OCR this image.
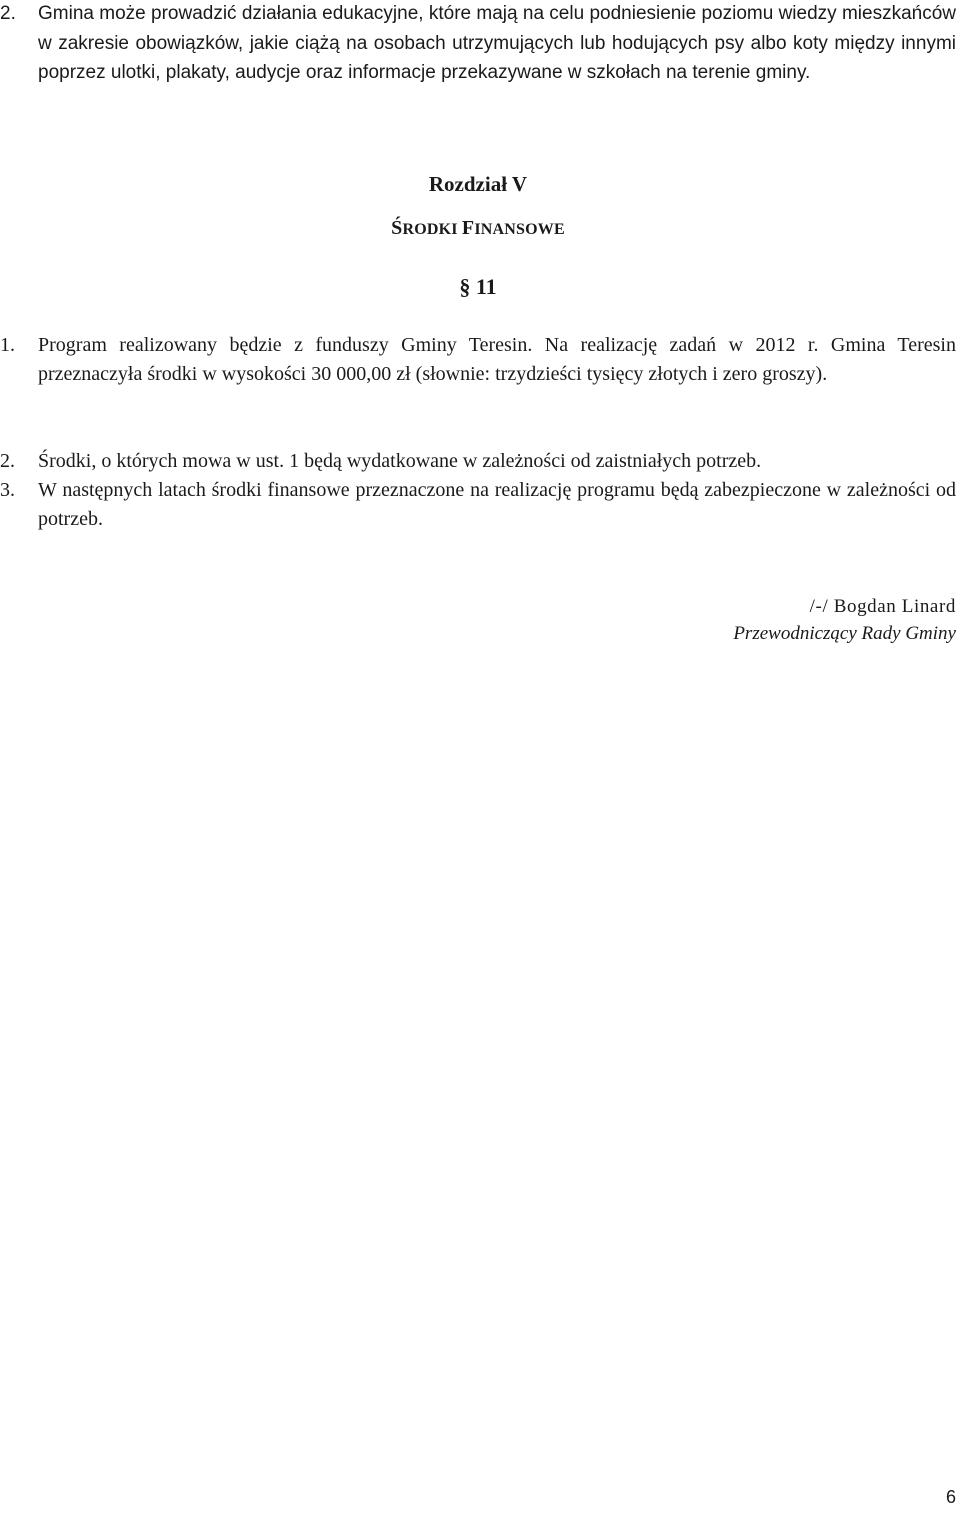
2. Gmina może prowadzić działania edukacyjne, które mają na celu podniesienie poziomu wiedzy mieszkańców w zakresie obowiązków, jakie ciążą na osobach utrzymujących lub hodujących psy albo koty między innymi poprzez ulotki, plakaty, audycje oraz informacje przekazywane w szkołach na terenie gminy.
Rozdział V
ŚRODKI FINANSOWE
§ 11
1. Program realizowany będzie z funduszy Gminy Teresin. Na realizację zadań w 2012 r. Gmina Teresin przeznaczyła środki w wysokości 30 000,00 zł (słownie: trzydzieści tysięcy złotych i zero groszy).
2. Środki, o których mowa w ust. 1 będą wydatkowane w zależności od zaistniałych potrzeb.
3. W następnych latach środki finansowe przeznaczone na realizację programu będą zabezpieczone w zależności od potrzeb.
/-/ Bogdan Linard
Przewodniczący Rady Gminy
6
